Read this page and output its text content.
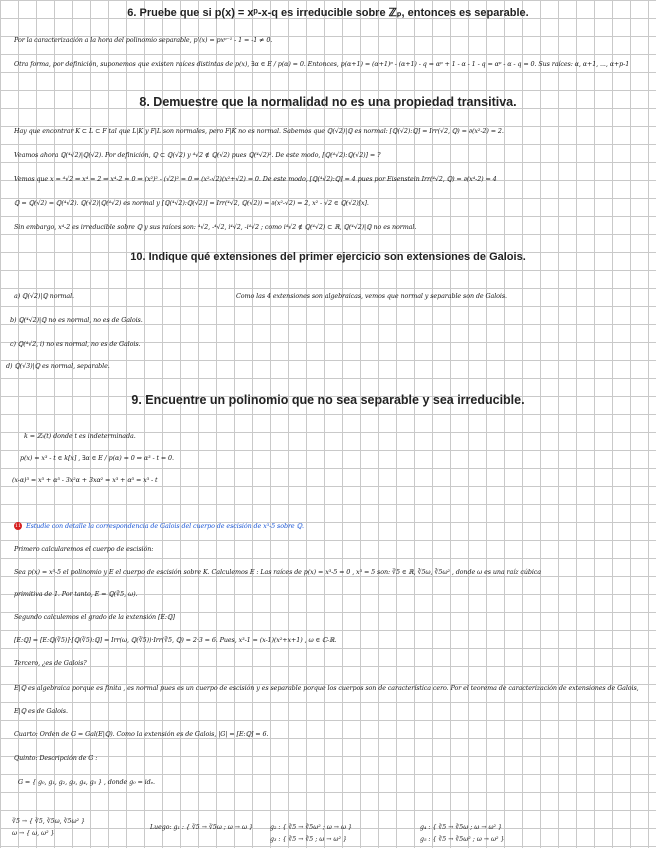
6. Pruebe que si p(x) = xᵖ-x-q es irreducible sobre ℤₚ, entonces es separable.
Por la caracterización a la hora del polinomio separable, p'(x) = pxᵖ⁻¹ - 1 = -1 ≠ 0.
Otra forma, por definición, suponemos que existen raíces distintas de p(x), ∃α ∈ E / p(α) = 0. Entonces, p(α+1) = (α+1)ᵖ - (α+1) - q = αᵖ + 1 - α - 1 - q = αᵖ - α - q = 0. Sus raíces: α, α+1, ..., α+p-1
8. Demuestre que la normalidad no es una propiedad transitiva.
Hay que encontrar K ⊂ L ⊂ F tal que L|K y F|L son normales, pero F|K no es normal. Sabemos que ℚ(√2)|ℚ es normal: [ℚ(√2):ℚ] = Irr(√2, ℚ) = ∂(x²-2) = 2.
Veamos ahora ℚ(⁴√2)|ℚ(√2). Por definición, ℚ ⊂ ℚ(√2) y ⁴√2 ∉ ℚ(√2) pues ℚ(⁴√2)². De este modo, [ℚ(⁴√2):ℚ(√2)] = ?
Vemos que x = ⁴√2 ⇒ x⁴ = 2 ⇒ x⁴-2 = 0 ⇒ (x²)² - (√2)² = 0 ⇒ (x²-√2)(x²+√2) = 0. De este modo, [ℚ(⁴√2):ℚ] = 4 pues por Eisenstein Irr(⁴√2, ℚ) = ∂(x⁴-2) = 4
ℚ = ℚ(√2) = ℚ(⁴√2). ℚ(√2)|ℚ(⁴√2) es normal y [ℚ(⁴√2):ℚ(√2)] = Irr(⁴√2, ℚ(√2)) = ∂(x²-√2) = 2, x² - √2 ∈ ℚ(√2)[x].
Sin embargo, x⁴-2 es irreducible sobre ℚ y sus raíces son: ⁴√2, -⁴√2, i⁴√2, -i⁴√2 ; como i⁴√2 ∉ ℚ(⁴√2) ⊂ ℝ, ℚ(⁴√2)|ℚ no es normal.
10. Indique qué extensiones del primer ejercicio son extensiones de Galois.
a) ℚ(√2)|ℚ normal.	Como las 4 extensiones son algebraicas, vemos que normal y separable son de Galois.
b) ℚ(⁴√2)|ℚ no es normal, no es de Galois.
c) ℚ(⁴√2, i) no es normal, no es de Galois.
d) ℚ(√3)|ℚ es normal, separable.
9. Encuentre un polinomio que no sea separable y sea irreducible.
k = ℤ₃(t) donde t es indeterminada.
p(x) = x³ - t ∈ k[x] , ∃α ∈ E / p(α) = 0 ⇒ α³ - t = 0.
(x-α)³ = x³ + α³ - 3x²α + 3xα² = x³ + α³ = x³ - t
11 Estudie con detalle la correspondencia de Galois del cuerpo de escisión de x³-5 sobre ℚ.
Primero calcularemos el cuerpo de escisión:
Sea p(x) = x³-5 el polinomio y E el cuerpo de escisión sobre K. Calculemos E : Las raíces de p(x) = x³-5 = 0 , x³ = 5 son: ∛5 ∈ ℝ, ∛5ω, ∛5ω² , donde ω es una raíz cúbica
primitiva de 1. Por tanto, E = ℚ(∛5, ω).
Segundo calculemos el grado de la extensión [E:ℚ]
[E:ℚ] = [E:ℚ(∛5)]·[ℚ(∛5):ℚ] = Irr(ω, ℚ(∛5))·Irr(∛5, ℚ) = 2·3 = 6. Pues, x³-1 = (x-1)(x²+x+1) , ω ∈ ℂ-ℝ.
Tercero, ¿es de Galois?
E|ℚ es algebraica porque es finita , es normal pues es un cuerpo de escisión y es separable porque los cuerpos son de característica cero. Por el teorema de caracterización de extensiones de Galois,
E|ℚ es de Galois.
Cuarto: Orden de G = Gal(E|ℚ). Como la extensión es de Galois, |G| = [E:ℚ] = 6.
Quinto: Descripción de G :
G = { g₀, g₁, g₂, g₃, g₄, g₅ } , donde g₀ = idₑ.
∛5 → { ∛5, ∛5ω, ∛5ω² }
ω → { ω, ω² }
Luego: g₁ : { ∛5 → ∛5ω ; ω → ω }	g₂ : { ∛5 → ∛5ω² ; ω → ω }
g₃ : { ∛5 → ∛5 ; ω → ω² }
g₄ : { ∛5 → ∛5ω ; ω → ω² }
g₅ : { ∛5 → ∛5ω² ; ω → ω² }
